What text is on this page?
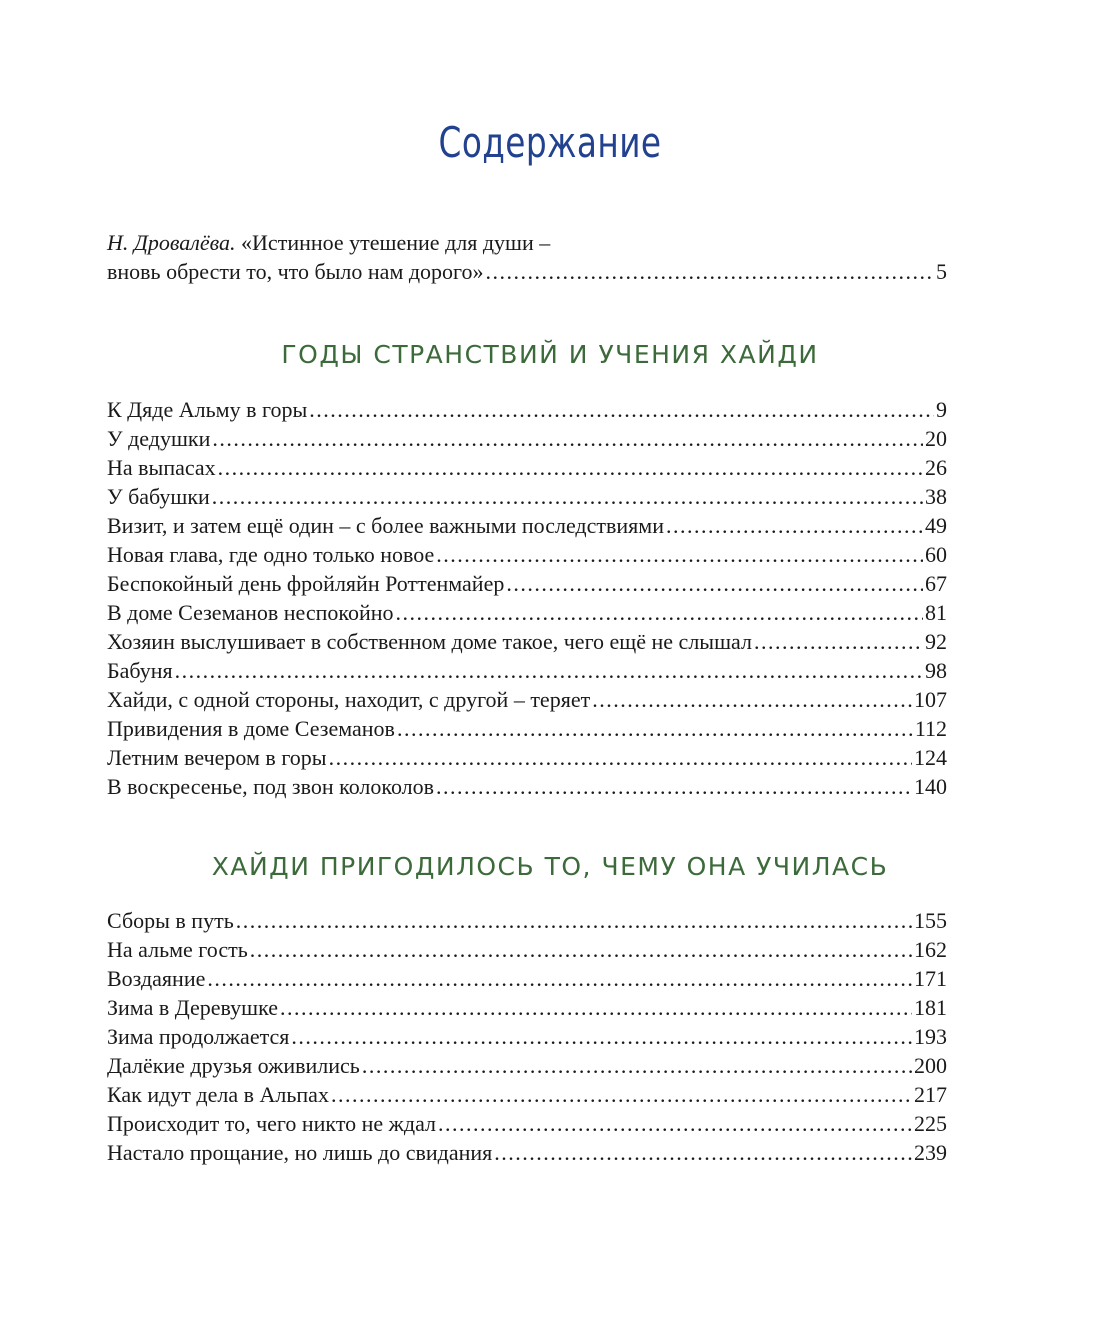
Содержание
Н. Дровалёва. «Истинное утешение для души –
вновь обрести то, что было нам дорого» .....	5
ГОДЫ СТРАНСТВИЙ И УЧЕНИЯ ХАЙДИ
К Дяде Альму в горы .....	9
У дедушки .....	20
На выпасах .....	26
У бабушки .....	38
Визит, и затем ещё один – с более важными последствиями .....	49
Новая глава, где одно только новое .....	60
Беспокойный день фройляйн Роттенмайер .....	67
В доме Сеземанов неспокойно .....	81
Хозяин выслушивает в собственном доме такое, чего ещё не слышал .....	92
Бабуня .....	98
Хайди, с одной стороны, находит, с другой – теряет .....	107
Привидения в доме Сеземанов .....	112
Летним вечером в горы .....	124
В воскресенье, под звон колоколов .....	140
ХАЙДИ ПРИГОДИЛОСЬ ТО, ЧЕМУ ОНА УЧИЛАСЬ
Сборы в путь .....	155
На альме гость .....	162
Воздаяние .....	171
Зима в Деревушке .....	181
Зима продолжается .....	193
Далёкие друзья оживились .....	200
Как идут дела в Альпах .....	217
Происходит то, чего никто не ждал .....	225
Настало прощание, но лишь до свидания .....	239
